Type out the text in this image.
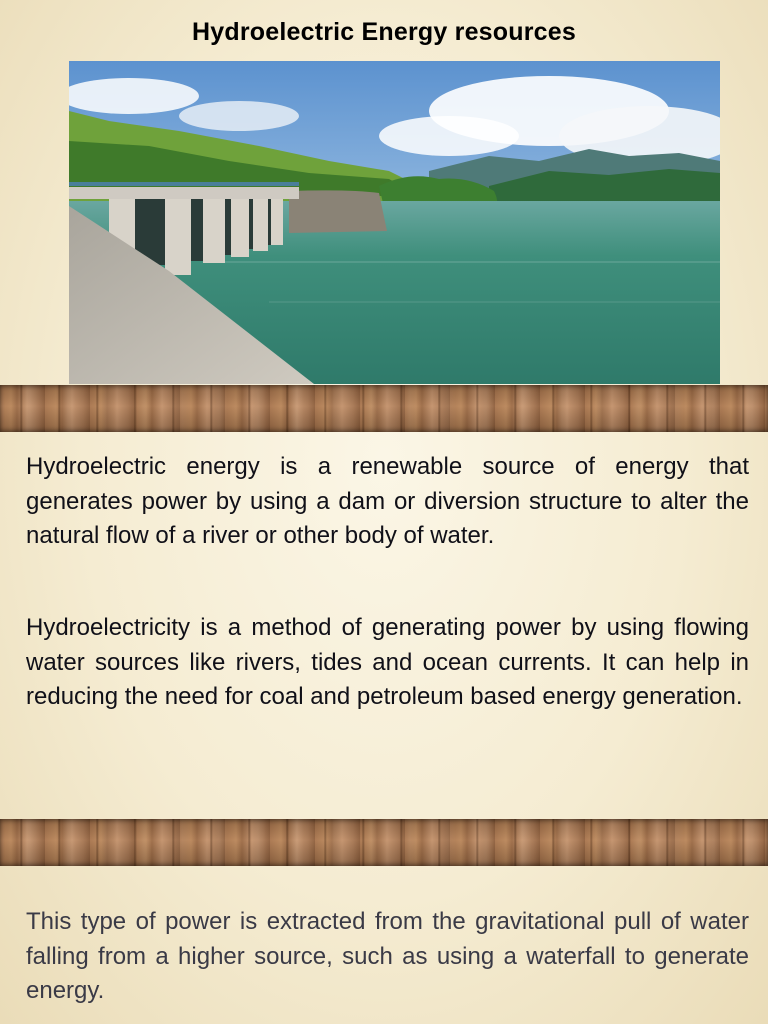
Hydroelectric Energy resources

Hydroelectric energy is a renewable source of energy that generates power by using a dam or diversion structure to alter the natural flow of a river or other body of water.

Hydroelectricity is a method of generating power by using flowing water sources like rivers, tides and ocean currents. It can help in reducing the need for coal and petroleum based energy generation.

This type of power is extracted from the gravitational pull of water falling from a higher source, such as using a waterfall to generate energy.
